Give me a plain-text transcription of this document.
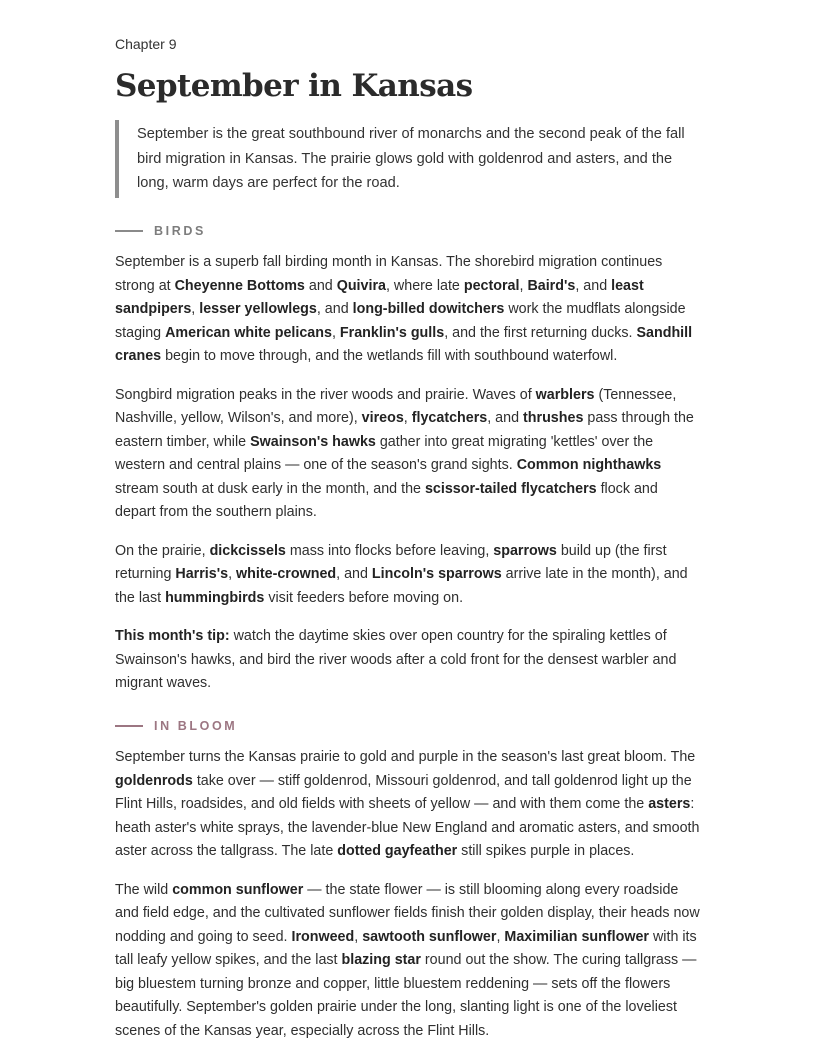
Chapter 9
September in Kansas
September is the great southbound river of monarchs and the second peak of the fall bird migration in Kansas. The prairie glows gold with goldenrod and asters, and the long, warm days are perfect for the road.
BIRDS

September is a superb fall birding month in Kansas. The shorebird migration continues strong at Cheyenne Bottoms and Quivira, where late pectoral, Baird's, and least sandpipers, lesser yellowlegs, and long-billed dowitchers work the mudflats alongside staging American white pelicans, Franklin's gulls, and the first returning ducks. Sandhill cranes begin to move through, and the wetlands fill with southbound waterfowl.

Songbird migration peaks in the river woods and prairie. Waves of warblers (Tennessee, Nashville, yellow, Wilson's, and more), vireos, flycatchers, and thrushes pass through the eastern timber, while Swainson's hawks gather into great migrating 'kettles' over the western and central plains — one of the season's grand sights. Common nighthawks stream south at dusk early in the month, and the scissor-tailed flycatchers flock and depart from the southern plains.

On the prairie, dickcissels mass into flocks before leaving, sparrows build up (the first returning Harris's, white-crowned, and Lincoln's sparrows arrive late in the month), and the last hummingbirds visit feeders before moving on.

This month's tip: watch the daytime skies over open country for the spiraling kettles of Swainson's hawks, and bird the river woods after a cold front for the densest warbler and migrant waves.

IN BLOOM

September turns the Kansas prairie to gold and purple in the season's last great bloom. The goldenrods take over — stiff goldenrod, Missouri goldenrod, and tall goldenrod light up the Flint Hills, roadsides, and old fields with sheets of yellow — and with them come the asters: heath aster's white sprays, the lavender-blue New England and aromatic asters, and smooth aster across the tallgrass. The late dotted gayfeather still spikes purple in places.

The wild common sunflower — the state flower — is still blooming along every roadside and field edge, and the cultivated sunflower fields finish their golden display, their heads now nodding and going to seed. Ironweed, sawtooth sunflower, Maximilian sunflower with its tall leafy yellow spikes, and the last blazing star round out the show. The curing tallgrass — big bluestem turning bronze and copper, little bluestem reddening — sets off the flowers beautifully. September's golden prairie under the long, slanting light is one of the loveliest scenes of the Kansas year, especially across the Flint Hills.
